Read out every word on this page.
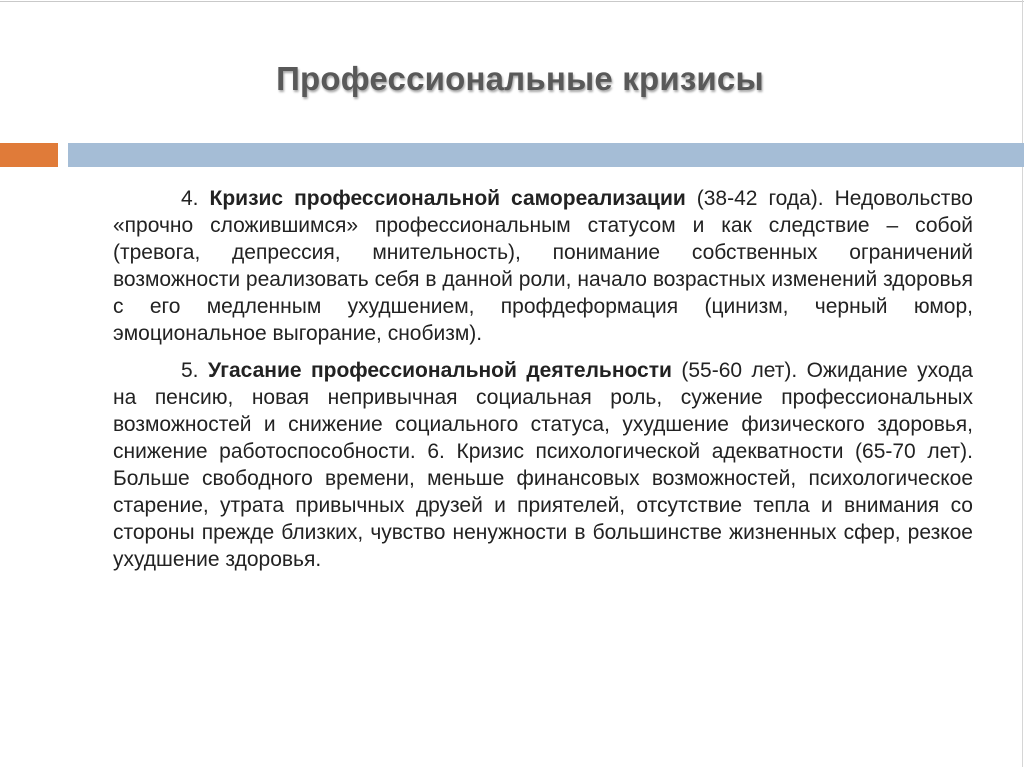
Профессиональные кризисы

4. Кризис профессиональной самореализации (38-42 года). Недовольство «прочно сложившимся» профессиональным статусом и как следствие – собой (тревога, депрессия, мнительность), понимание собственных ограничений возможности реализовать себя в данной роли, начало возрастных изменений здоровья с его медленным ухудшением, профдеформация (цинизм, черный юмор, эмоциональное выгорание, снобизм).

5. Угасание профессиональной деятельности (55-60 лет). Ожидание ухода на пенсию, новая непривычная социальная роль, сужение профессиональных возможностей и снижение социального статуса, ухудшение физического здоровья, снижение работоспособности. 6. Кризис психологической адекватности (65-70 лет). Больше свободного времени, меньше финансовых возможностей, психологическое старение, утрата привычных друзей и приятелей, отсутствие тепла и внимания со стороны прежде близких, чувство ненужности в большинстве жизненных сфер, резкое ухудшение здоровья.
